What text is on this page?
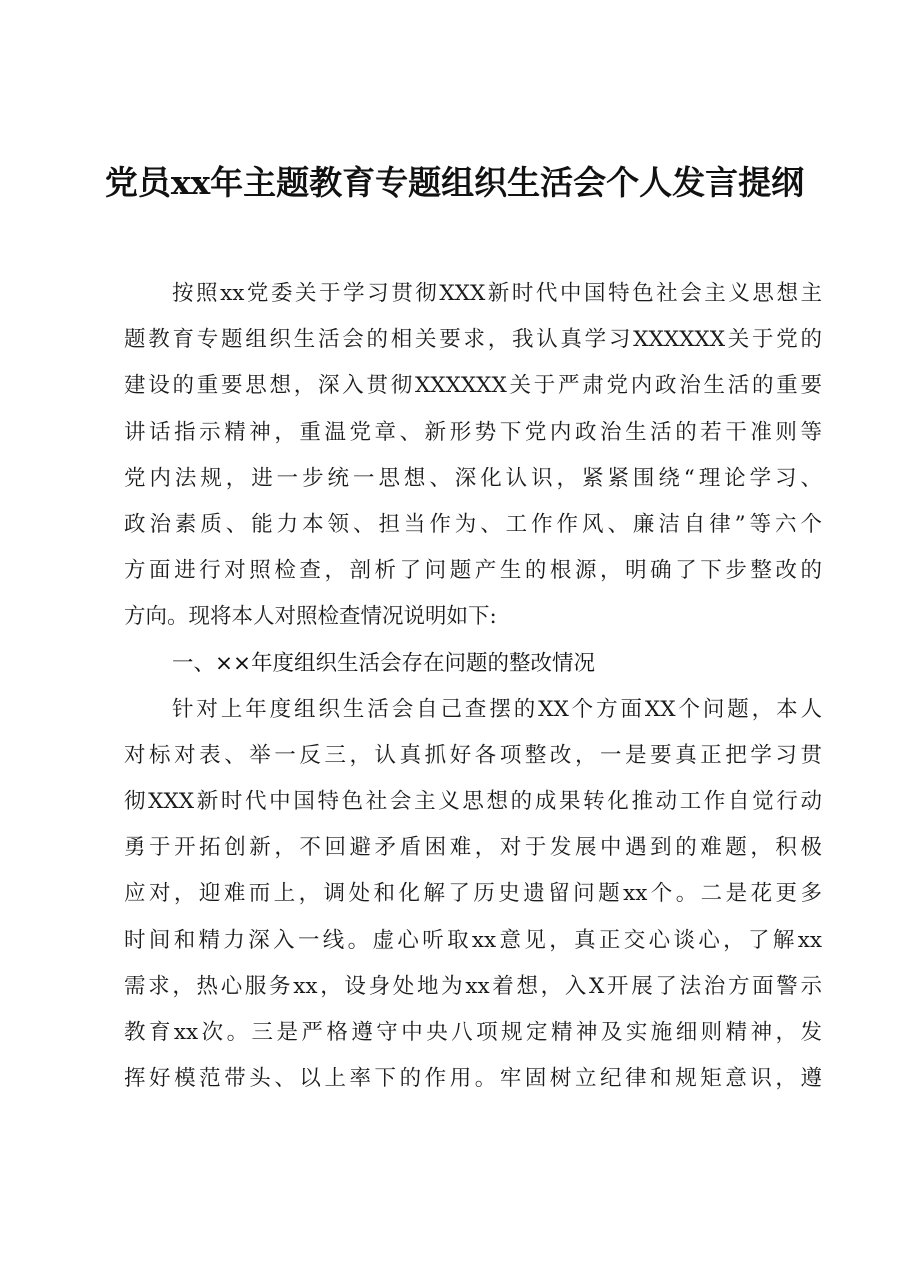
党员xx年主题教育专题组织生活会个人发言提纲
按照xx党委关于学习贯彻XXX新时代中国特色社会主义思想主
题教育专题组织生活会的相关要求，我认真学习XXXXXX关于党的
建设的重要思想，深入贯彻XXXXXX关于严肃党内政治生活的重要
讲话指示精神，重温党章、新形势下党内政治生活的若干准则等
党内法规，进一步统一思想、深化认识，紧紧围绕“理论学习、
政治素质、能力本领、担当作为、工作作风、廉洁自律”等六个
方面进行对照检查，剖析了问题产生的根源，明确了下步整改的
方向。现将本人对照检查情况说明如下:
一、××年度组织生活会存在问题的整改情况
针对上年度组织生活会自己查摆的XX个方面XX个问题，本人
对标对表、举一反三，认真抓好各项整改，一是要真正把学习贯
彻XXX新时代中国特色社会主义思想的成果转化推动工作自觉行动
勇于开拓创新，不回避矛盾困难，对于发展中遇到的难题，积极
应对，迎难而上，调处和化解了历史遗留问题xx个。二是花更多
时间和精力深入一线。虚心听取xx意见，真正交心谈心，了解xx
需求，热心服务xx，设身处地为xx着想，入X开展了法治方面警示
教育xx次。三是严格遵守中央八项规定精神及实施细则精神，发
挥好模范带头、以上率下的作用。牢固树立纪律和规矩意识，遵
